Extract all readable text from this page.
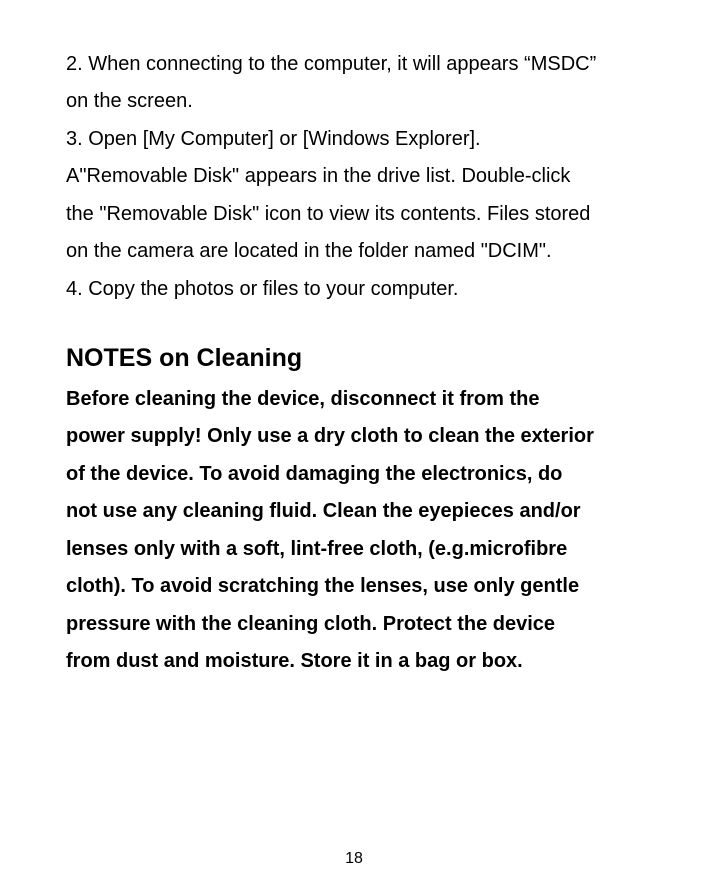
2. When connecting to the computer, it will appears “MSDC”
on the screen.
3. Open [My Computer] or [Windows Explorer].
A"Removable Disk" appears in the drive list. Double-click
the "Removable Disk" icon to view its contents. Files stored
on the camera are located in the folder named "DCIM".
4. Copy the photos or files to your computer.
NOTES on Cleaning
Before cleaning the device, disconnect it from the
power supply! Only use a dry cloth to clean the exterior
of the device. To avoid damaging the electronics, do
not use any cleaning fluid. Clean the eyepieces and/or
lenses only with a soft, lint-free cloth, (e.g.microfibre
cloth). To avoid scratching the lenses, use only gentle
pressure with the cleaning cloth. Protect the device
from dust and moisture. Store it in a bag or box.
18
